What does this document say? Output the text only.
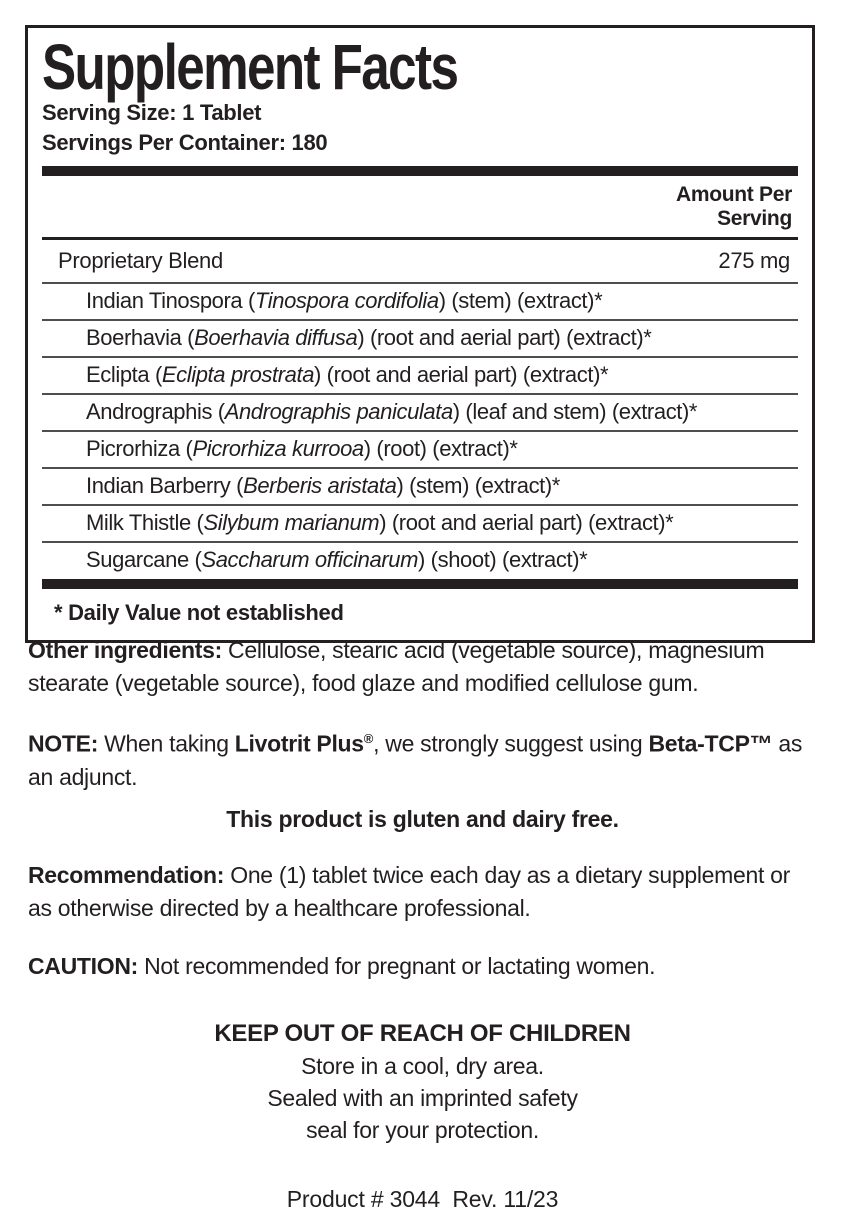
Supplement Facts
Serving Size: 1 Tablet
Servings Per Container: 180
Amount Per
Serving
Proprietary Blend	275 mg
Indian Tinospora (Tinospora cordifolia) (stem) (extract)*
Boerhavia (Boerhavia diffusa) (root and aerial part) (extract)*
Eclipta (Eclipta prostrata) (root and aerial part) (extract)*
Andrographis (Andrographis paniculata) (leaf and stem) (extract)*
Picrorhiza (Picrorhiza kurrooa) (root) (extract)*
Indian Barberry (Berberis aristata) (stem) (extract)*
Milk Thistle (Silybum marianum) (root and aerial part) (extract)*
Sugarcane (Saccharum officinarum) (shoot) (extract)*
* Daily Value not established

Other ingredients: Cellulose, stearic acid (vegetable source), magnesium stearate (vegetable source), food glaze and modified cellulose gum.

NOTE: When taking Livotrit Plus®, we strongly suggest using Beta-TCP™ as an adjunct.

This product is gluten and dairy free.

Recommendation: One (1) tablet twice each day as a dietary supplement or as otherwise directed by a healthcare professional.

CAUTION: Not recommended for pregnant or lactating women.

KEEP OUT OF REACH OF CHILDREN
Store in a cool, dry area.
Sealed with an imprinted safety
seal for your protection.
Product # 3044  Rev. 11/23
